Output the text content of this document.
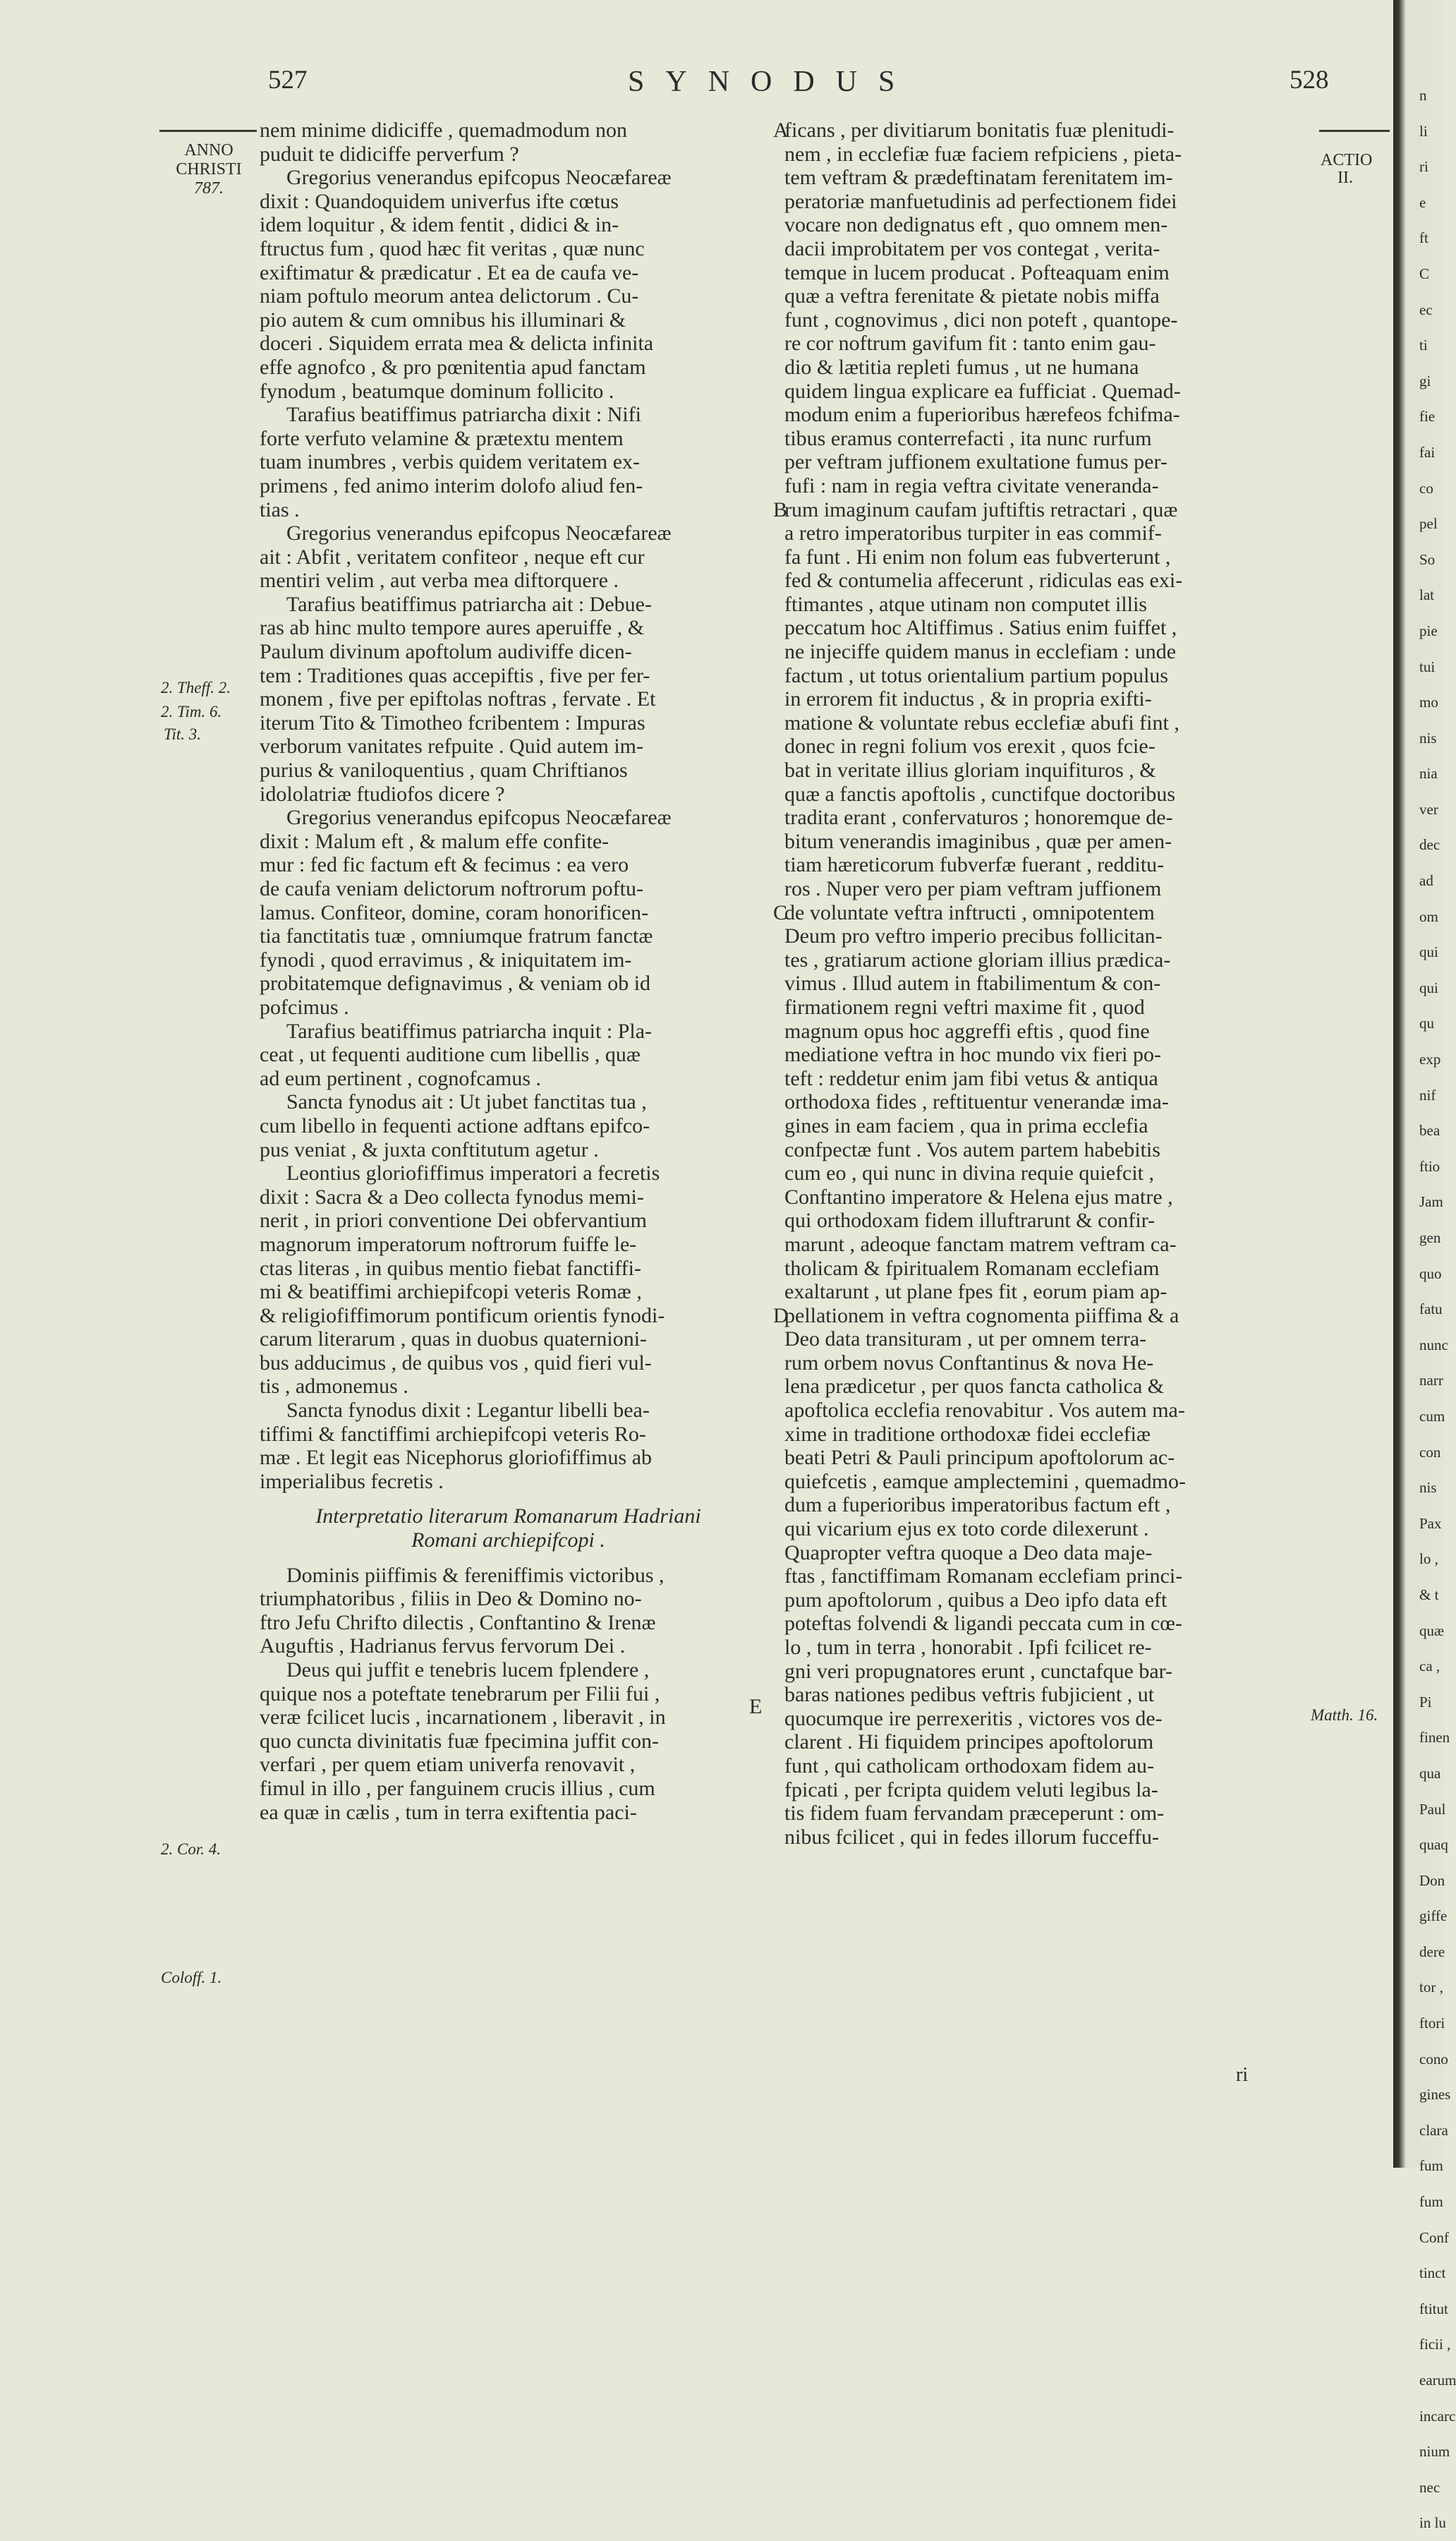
n
li
ri
e
ft
C
ec
ti
gi
fie
fai
co
pel
So
lat
pie
tui
mo
nis
nia
ver
dec
ad
om
qui
qui
qu
exp
nif
bea
ftio
Jam
gen
quo
fatu
nunc
narr
cum
con
nis
Pax
lo ,
& t
quæ
ca ,
Pi
finen
qua
Paul
quaq
Don
giffe
dere
tor ,
ftori
cono
gines
clara
fum
fum
Conf
tinct
ftitut
ficii ,
earum
incarc
nium
nec
in lu
527	SYNODUS	528
ANNO CHRISTI
787.
ACTIO II.
2. Theff. 2.
2. Tim. 6.
Tit. 3.
2. Cor. 4.
Coloff. 1.
Matth. 16.
A
B
C
D
E
nem minime didiciffe , quemadmodum non
puduit te didiciffe perverfum ?
Gregorius venerandus epifcopus Neocæfareæ
dixit : Quandoquidem univerfus ifte cœtus
idem loquitur , & idem fentit , didici & in-
ftructus fum , quod hæc fit veritas , quæ nunc
exiftimatur & prædicatur . Et ea de caufa ve-
niam poftulo meorum antea delictorum . Cu-
pio autem & cum omnibus his illuminari &
doceri . Siquidem errata mea & delicta infinita
effe agnofco , & pro pœnitentia apud fanctam
fynodum , beatumque dominum follicito .
Tarafius beatiffimus patriarcha dixit : Nifi
forte verfuto velamine & prætextu mentem
tuam inumbres , verbis quidem veritatem ex-
primens , fed animo interim dolofo aliud fen-
tias .
Gregorius venerandus epifcopus Neocæfareæ
ait : Abfit , veritatem confiteor , neque eft cur
mentiri velim , aut verba mea diftorquere .
Tarafius beatiffimus patriarcha ait : Debue-
ras ab hinc multo tempore aures aperuiffe , &
Paulum divinum apoftolum audiviffe dicen-
tem : Traditiones quas accepiftis , five per fer-
monem , five per epiftolas noftras , fervate . Et
iterum Tito & Timotheo fcribentem : Impuras
verborum vanitates refpuite . Quid autem im-
purius & vaniloquentius , quam Chriftianos
idololatriæ ftudiofos dicere ?
Gregorius venerandus epifcopus Neocæfareæ
dixit : Malum eft , & malum effe confite-
mur : fed fic factum eft & fecimus : ea vero
de caufa veniam delictorum noftrorum poftu-
lamus. Confiteor, domine, coram honorificen-
tia fanctitatis tuæ , omniumque fratrum fanctæ
fynodi , quod erravimus , & iniquitatem im-
probitatemque defignavimus , & veniam ob id
pofcimus .
Tarafius beatiffimus patriarcha inquit : Pla-
ceat , ut fequenti auditione cum libellis , quæ
ad eum pertinent , cognofcamus .
Sancta fynodus ait : Ut jubet fanctitas tua ,
cum libello in fequenti actione adftans epifco-
pus veniat , & juxta conftitutum agetur .
Leontius gloriofiffimus imperatori a fecretis
dixit : Sacra & a Deo collecta fynodus memi-
nerit , in priori conventione Dei obfervantium
magnorum imperatorum noftrorum fuiffe le-
ctas literas , in quibus mentio fiebat fanctiffi-
mi & beatiffimi archiepifcopi veteris Romæ ,
& religiofiffimorum pontificum orientis fynodi-
carum literarum , quas in duobus quaternioni-
bus adducimus , de quibus vos , quid fieri vul-
tis , admonemus .
Sancta fynodus dixit : Legantur libelli bea-
tiffimi & fanctiffimi archiepifcopi veteris Ro-
mæ . Et legit eas Nicephorus gloriofiffimus ab
imperialibus fecretis .
Interpretatio literarum Romanarum Hadriani
Romani archiepifcopi .
Dominis piiffimis & fereniffimis victoribus ,
triumphatoribus , filiis in Deo & Domino no-
ftro Jefu Chrifto dilectis , Conftantino & Irenæ
Auguftis , Hadrianus fervus fervorum Dei .
Deus qui juffit e tenebris lucem fplendere ,
quique nos a poteftate tenebrarum per Filii fui ,
veræ fcilicet lucis , incarnationem , liberavit , in
quo cuncta divinitatis fuæ fpecimina juffit con-
verfari , per quem etiam univerfa renovavit ,
fimul in illo , per fanguinem crucis illius , cum
ea quæ in cælis , tum in terra exiftentia paci-
ficans , per divitiarum bonitatis fuæ plenitudi-
nem , in ecclefiæ fuæ faciem refpiciens , pieta-
tem veftram & prædeftinatam ferenitatem im-
peratoriæ manfuetudinis ad perfectionem fidei
vocare non dedignatus eft , quo omnem men-
dacii improbitatem per vos contegat , verita-
temque in lucem producat . Pofteaquam enim
quæ a veftra ferenitate & pietate nobis miffa
funt , cognovimus , dici non poteft , quantope-
re cor noftrum gavifum fit : tanto enim gau-
dio & lætitia repleti fumus , ut ne humana
quidem lingua explicare ea fufficiat . Quemad-
modum enim a fuperioribus hærefeos fchifma-
tibus eramus conterrefacti , ita nunc rurfum
per veftram juffionem exultatione fumus per-
fufi : nam in regia veftra civitate veneranda-
rum imaginum caufam juftiftis retractari , quæ
a retro imperatoribus turpiter in eas commif-
fa funt . Hi enim non folum eas fubverterunt ,
fed & contumelia affecerunt , ridiculas eas exi-
ftimantes , atque utinam non computet illis
peccatum hoc Altiffimus . Satius enim fuiffet ,
ne injeciffe quidem manus in ecclefiam : unde
factum , ut totus orientalium partium populus
in errorem fit inductus , & in propria exifti-
matione & voluntate rebus ecclefiæ abufi fint ,
donec in regni folium vos erexit , quos fcie-
bat in veritate illius gloriam inquifituros , &
quæ a fanctis apoftolis , cunctifque doctoribus
tradita erant , confervaturos ; honoremque de-
bitum venerandis imaginibus , quæ per amen-
tiam hæreticorum fubverfæ fuerant , redditu-
ros . Nuper vero per piam veftram juffionem
de voluntate veftra inftructi , omnipotentem
Deum pro veftro imperio precibus follicitan-
tes , gratiarum actione gloriam illius prædica-
vimus . Illud autem in ftabilimentum & con-
firmationem regni veftri maxime fit , quod
magnum opus hoc aggreffi eftis , quod fine
mediatione veftra in hoc mundo vix fieri po-
teft : reddetur enim jam fibi vetus & antiqua
orthodoxa fides , reftituentur venerandæ ima-
gines in eam faciem , qua in prima ecclefia
confpectæ funt . Vos autem partem habebitis
cum eo , qui nunc in divina requie quiefcit ,
Conftantino imperatore & Helena ejus matre ,
qui orthodoxam fidem illuftrarunt & confir-
marunt , adeoque fanctam matrem veftram ca-
tholicam & fpiritualem Romanam ecclefiam
exaltarunt , ut plane fpes fit , eorum piam ap-
pellationem in veftra cognomenta piiffima & a
Deo data transituram , ut per omnem terra-
rum orbem novus Conftantinus & nova He-
lena prædicetur , per quos fancta catholica &
apoftolica ecclefia renovabitur . Vos autem ma-
xime in traditione orthodoxæ fidei ecclefiæ
beati Petri & Pauli principum apoftolorum ac-
quiefcetis , eamque amplectemini , quemadmo-
dum a fuperioribus imperatoribus factum eft ,
qui vicarium ejus ex toto corde dilexerunt .
Quapropter veftra quoque a Deo data maje-
ftas , fanctiffimam Romanam ecclefiam princi-
pum apoftolorum , quibus a Deo ipfo data eft
poteftas folvendi & ligandi peccata cum in cœ-
lo , tum in terra , honorabit . Ipfi fcilicet re-
gni veri propugnatores erunt , cunctafque bar-
baras nationes pedibus veftris fubjicient , ut
quocumque ire perrexeritis , victores vos de-
clarent . Hi fiquidem principes apoftolorum
funt , qui catholicam orthodoxam fidem au-
fpicati , per fcripta quidem veluti legibus la-
tis fidem fuam fervandam præceperunt : om-
nibus fcilicet , qui in fedes illorum fucceffu-
ri
